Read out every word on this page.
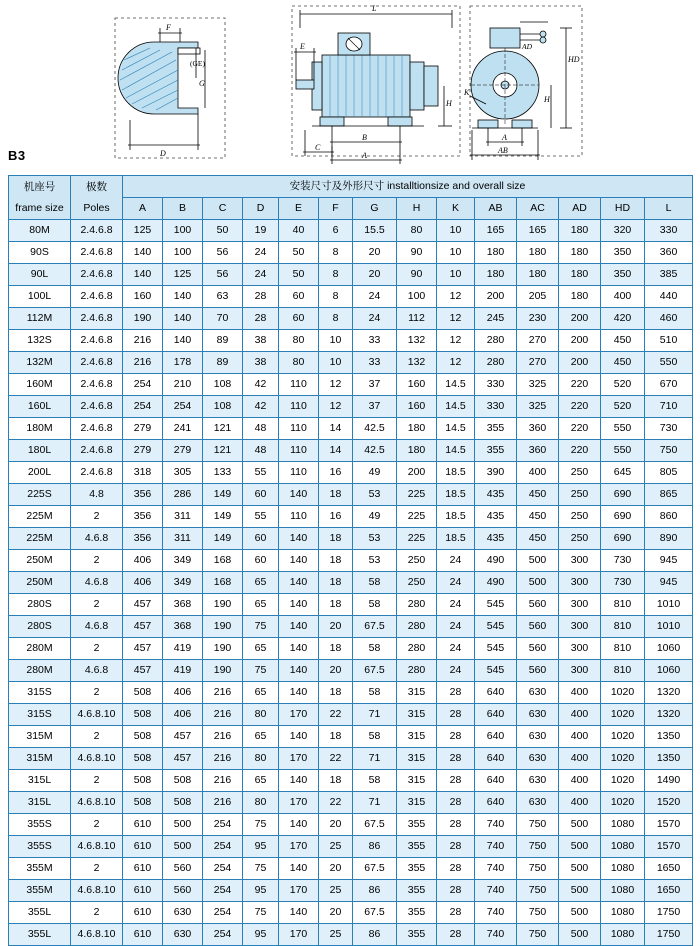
F
(GE)
G
D
L
E
H
B
C
A
AD
HD
H
K
A
AB
B3
机座号
frame size	极数
Poles	安装尺寸及外形尺寸 installtionsize and overall size													
		A	B	C	D	E	F	G	H	K	AB	AC	AD	HD	L
80M	2.4.6.8	125	100	50	19	40	6	15.5	80	10	165	165	180	320	330
90S	2.4.6.8	140	100	56	24	50	8	20	90	10	180	180	180	350	360
90L	2.4.6.8	140	125	56	24	50	8	20	90	10	180	180	180	350	385
100L	2.4.6.8	160	140	63	28	60	8	24	100	12	200	205	180	400	440
112M	2.4.6.8	190	140	70	28	60	8	24	112	12	245	230	200	420	460
132S	2.4.6.8	216	140	89	38	80	10	33	132	12	280	270	200	450	510
132M	2.4.6.8	216	178	89	38	80	10	33	132	12	280	270	200	450	550
160M	2.4.6.8	254	210	108	42	110	12	37	160	14.5	330	325	220	520	670
160L	2.4.6.8	254	254	108	42	110	12	37	160	14.5	330	325	220	520	710
180M	2.4.6.8	279	241	121	48	110	14	42.5	180	14.5	355	360	220	550	730
180L	2.4.6.8	279	279	121	48	110	14	42.5	180	14.5	355	360	220	550	750
200L	2.4.6.8	318	305	133	55	110	16	49	200	18.5	390	400	250	645	805
225S	4.8	356	286	149	60	140	18	53	225	18.5	435	450	250	690	865
225M	2	356	311	149	55	110	16	49	225	18.5	435	450	250	690	860
225M	4.6.8	356	311	149	60	140	18	53	225	18.5	435	450	250	690	890
250M	2	406	349	168	60	140	18	53	250	24	490	500	300	730	945
250M	4.6.8	406	349	168	65	140	18	58	250	24	490	500	300	730	945
280S	2	457	368	190	65	140	18	58	280	24	545	560	300	810	1010
280S	4.6.8	457	368	190	75	140	20	67.5	280	24	545	560	300	810	1010
280M	2	457	419	190	65	140	18	58	280	24	545	560	300	810	1060
280M	4.6.8	457	419	190	75	140	20	67.5	280	24	545	560	300	810	1060
315S	2	508	406	216	65	140	18	58	315	28	640	630	400	1020	1320
315S	4.6.8.10	508	406	216	80	170	22	71	315	28	640	630	400	1020	1320
315M	2	508	457	216	65	140	18	58	315	28	640	630	400	1020	1350
315M	4.6.8.10	508	457	216	80	170	22	71	315	28	640	630	400	1020	1350
315L	2	508	508	216	65	140	18	58	315	28	640	630	400	1020	1490
315L	4.6.8.10	508	508	216	80	170	22	71	315	28	640	630	400	1020	1520
355S	2	610	500	254	75	140	20	67.5	355	28	740	750	500	1080	1570
355S	4.6.8.10	610	500	254	95	170	25	86	355	28	740	750	500	1080	1570
355M	2	610	560	254	75	140	20	67.5	355	28	740	750	500	1080	1650
355M	4.6.8.10	610	560	254	95	170	25	86	355	28	740	750	500	1080	1650
355L	2	610	630	254	75	140	20	67.5	355	28	740	750	500	1080	1750
355L	4.6.8.10	610	630	254	95	170	25	86	355	28	740	750	500	1080	1750
